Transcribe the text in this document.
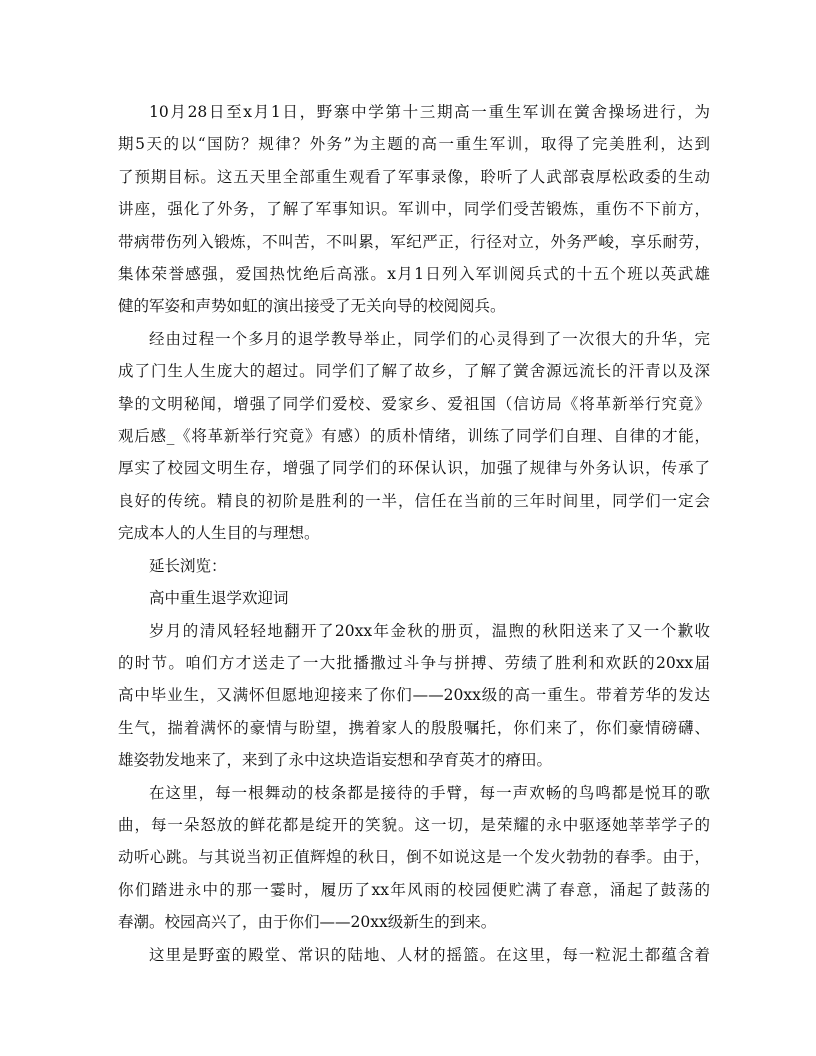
10月28日至x月1日，野寨中学第十三期高一重生军训在黉舍操场进行，为
期5天的以“国防？规律？外务”为主题的高一重生军训，取得了完美胜利，达到
了预期目标。这五天里全部重生观看了军事录像，聆听了人武部袁厚松政委的生动
讲座，强化了外务，了解了军事知识。军训中，同学们受苦锻炼，重伤不下前方，
带病带伤列入锻炼，不叫苦，不叫累，军纪严正，行径对立，外务严峻，享乐耐劳，
集体荣誉感强，爱国热忱绝后高涨。x月1日列入军训阅兵式的十五个班以英武雄
健的军姿和声势如虹的演出接受了无关向导的校阅阅兵。
经由过程一个多月的退学教导举止，同学们的心灵得到了一次很大的升华，完
成了门生人生庞大的超过。同学们了解了故乡，了解了黉舍源远流长的汗青以及深
挚的文明秘闻，增强了同学们爱校、爱家乡、爱祖国（信访局《将革新举行究竟》
观后感_《将革新举行究竟》有感）的质朴情绪，训练了同学们自理、自律的才能，
厚实了校园文明生存，增强了同学们的环保认识，加强了规律与外务认识，传承了
良好的传统。精良的初阶是胜利的一半，信任在当前的三年时间里，同学们一定会
完成本人的人生目的与理想。
延长浏览：
高中重生退学欢迎词
岁月的清风轻轻地翻开了20xx年金秋的册页，温煦的秋阳送来了又一个歉收
的时节。咱们方才送走了一大批播撒过斗争与拼搏、劳绩了胜利和欢跃的20xx届
高中毕业生，又满怀但愿地迎接来了你们——20xx级的高一重生。带着芳华的发达
生气，揣着满怀的豪情与盼望，携着家人的殷殷嘱托，你们来了，你们豪情磅礴、
雄姿勃发地来了，来到了永中这块造诣妄想和孕育英才的瘠田。
在这里，每一根舞动的枝条都是接待的手臂，每一声欢畅的鸟鸣都是悦耳的歌
曲，每一朵怒放的鲜花都是绽开的笑貌。这一切，是荣耀的永中驱逐她莘莘学子的
动听心跳。与其说当初正值辉煌的秋日，倒不如说这是一个发火勃勃的春季。由于，
你们踏进永中的那一霎时，履历了xx年风雨的校园便贮满了春意，涌起了鼓荡的
春潮。校园高兴了，由于你们——20xx级新生的到来。
这里是野蛮的殿堂、常识的陆地、人材的摇篮。在这里，每一粒泥土都蕴含着
